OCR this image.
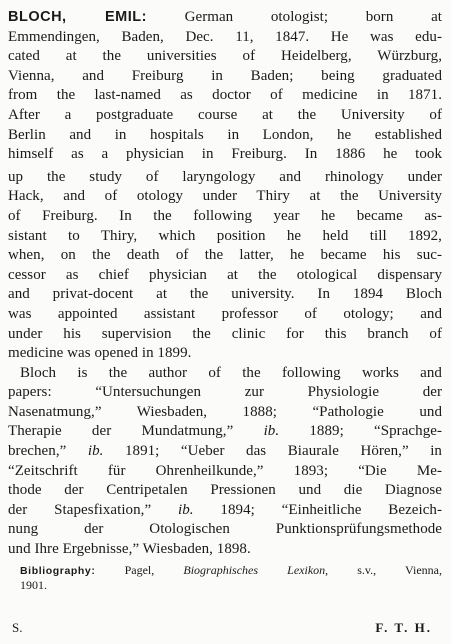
BLOCH, EMIL: German otologist; born at
Emmendingen, Baden, Dec. 11, 1847. He was edu-
cated at the universities of Heidelberg, Würzburg,
Vienna, and Freiburg in Baden; being graduated
from the last-named as doctor of medicine in 1871.
After a postgraduate course at the University of
Berlin and in hospitals in London, he established
himself as a physician in Freiburg. In 1886 he took
up the study of laryngology and rhinology under
Hack, and of otology under Thiry at the University
of Freiburg. In the following year he became as-
sistant to Thiry, which position he held till 1892,
when, on the death of the latter, he became his suc-
cessor as chief physician at the otological dispensary
and privat-docent at the university. In 1894 Bloch
was appointed assistant professor of otology; and
under his supervision the clinic for this branch of
medicine was opened in 1899.
Bloch is the author of the following works and
papers: “Untersuchungen zur Physiologie der
Nasenatmung,” Wiesbaden, 1888; “Pathologie und
Therapie der Mundatmung,” ib. 1889; “Sprachge-
brechen,” ib. 1891; “Ueber das Biaurale Hören,” in
“Zeitschrift für Ohrenheilkunde,” 1893; “Die Me-
thode der Centripetalen Pressionen und die Diagnose
der Stapesfixation,” ib. 1894; “Einheitliche Bezeich-
nung der Otologischen Punktionsprüfungsmethode
und Ihre Ergebnisse,” Wiesbaden, 1898.
Bibliography: Pagel, Biographisches Lexikon, s.v., Vienna,
1901.
S.	F. T. H.
